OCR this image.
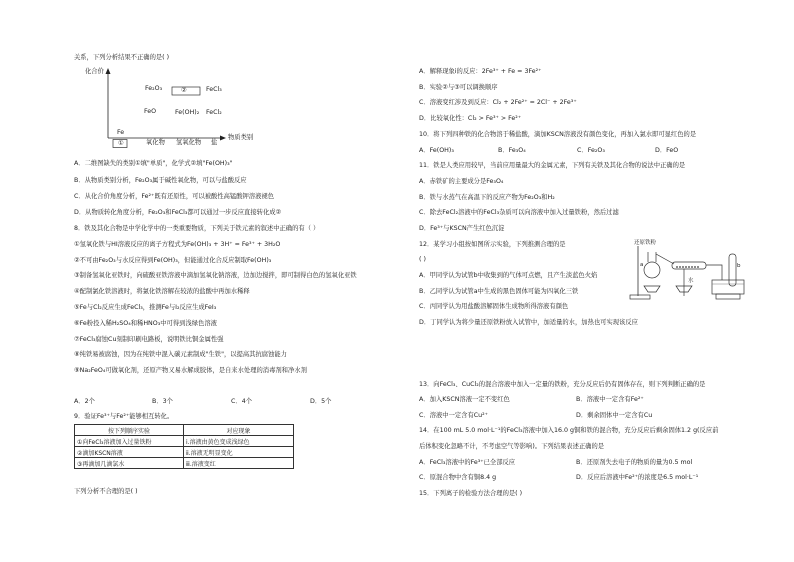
关系，下列分析结果不正确的是( )
化合价
物质类别
Fe₂O₃	②	FeCl₃
FeO	Fe(OH)₂ FeCl₂
Fe
①	氧化物 氢氧化物 盐
A．二维图缺失的类别①填"单质"，化学式②填"Fe(OH)₃"
B．从物质类别分析，Fe₂O₃属于碱性氧化物，可以与盐酸反应
C．从化合价角度分析，Fe²⁺既有还原性，可以被酸性高锰酸钾溶液褪色
D．从物质转化角度分析，Fe₂O₃和FeCl₃都可以通过一步反应直接转化成②
8．铁及其化合物是中学化学中的一类重要物质，下列关于铁元素的叙述中正确的有（ ）
①氢氧化铁与HI溶液反应的离子方程式为Fe(OH)₃ + 3H⁺ = Fe³⁺ + 3H₂O
②不可由Fe₂O₃与水反应得到Fe(OH)₃，但能通过化合反应制取Fe(OH)₃
③制备氢氧化亚铁时，向硫酸亚铁溶液中滴加氢氧化钠溶液，边加边搅拌，即可制得白色的氢氧化亚铁
④配制氯化铁溶液时，将氯化铁溶解在较浓的盐酸中再加水稀释
⑤Fe与Cl₂反应生成FeCl₃，推测Fe与I₂反应生成FeI₃
⑥Fe粉投入稀H₂SO₄和稀HNO₃中可得到浅绿色溶液
⑦FeCl₃腐蚀Cu刻制印刷电路板，说明铁比铜金属性强
⑧纯铁易被腐蚀，因为在纯铁中混入碳元素制成"生铁"，以提高其抗腐蚀能力
⑨Na₂FeO₄可做氧化剂，还原产物又易水解成胶体，是自来水处理的消毒剂和净水剂
A．2个	B．3个	C．4个	D．5个
9．验证Fe³⁺与Fe²⁺能够相互转化。
按下列顺序实验	对应现象
①向FeCl₃溶液加入过量铁粉	ⅰ.溶液由黄色变成浅绿色
②滴加KSCN溶液	ⅱ.溶液无明显变化
③再滴加几滴氯水	ⅲ.溶液变红
下列分析不合理的是( )
A．解释现象ⅰ的反应：2Fe³⁺ + Fe = 3Fe²⁺
B．实验②与③可以调换顺序
C．溶液变红涉及到反应：Cl₂ + 2Fe²⁺ = 2Cl⁻ + 2Fe³⁺
D．比较氧化性：Cl₂ > Fe³⁺ > Fe²⁺
10．将下列四种铁的化合物溶于稀盐酸，滴加KSCN溶液没有颜色变化，再加入氯水即可显红色的是
A．Fe(OH)₃	B．Fe₃O₄	C．Fe₂O₃	D．FeO
11．铁是人类应用较早，当前应用量最大的金属元素，下列有关铁及其化合物的说法中正确的是
A．赤铁矿的主要成分是Fe₃O₄
B．铁与水蒸气在高温下的反应产物为Fe₂O₃和H₂
C．除去FeCl₂溶液中的FeCl₃杂质可以向溶液中加入过量铁粉，然后过滤
D．Fe³⁺与KSCN产生红色沉淀
12．某学习小组按如图所示实验，下列推测合理的是
( )
还原铁粉
a	b
水
A．甲同学认为试管b中收集到的气体可点燃，且产生淡蓝色火焰
B．乙同学认为试管a中生成的黑色固体可能为四氧化三铁
C．丙同学认为用盐酸溶解固体生成物所得溶液有颜色
D．丁同学认为将少量还原铁粉放入试管中，加适量的水，加热也可实现该反应
13．向FeCl₃、CuCl₂的混合溶液中加入一定量的铁粉，充分反应后仍有固体存在，则下列判断正确的是
A．加入KSCN溶液一定不变红色	B．溶液中一定含有Fe²⁺
C．溶液中一定含有Cu²⁺	D．剩余固体中一定含有Cu
14．在100 mL 5.0 mol·L⁻¹的FeCl₃溶液中加入16.0 g铜和铁的混合物，充分反应后剩余固体1.2 g(反应前
后体积变化忽略不计，不考虑空气等影响)。下列结果表述正确的是
A．FeCl₃溶液中的Fe³⁺已全部反应	B．还原剂失去电子的物质的量为0.5 mol
C．原混合物中含有铜8.4 g	D．反应后溶液中Fe²⁺的浓度是6.5 mol·L⁻¹
15．下列离子的检验方法合理的是( )
